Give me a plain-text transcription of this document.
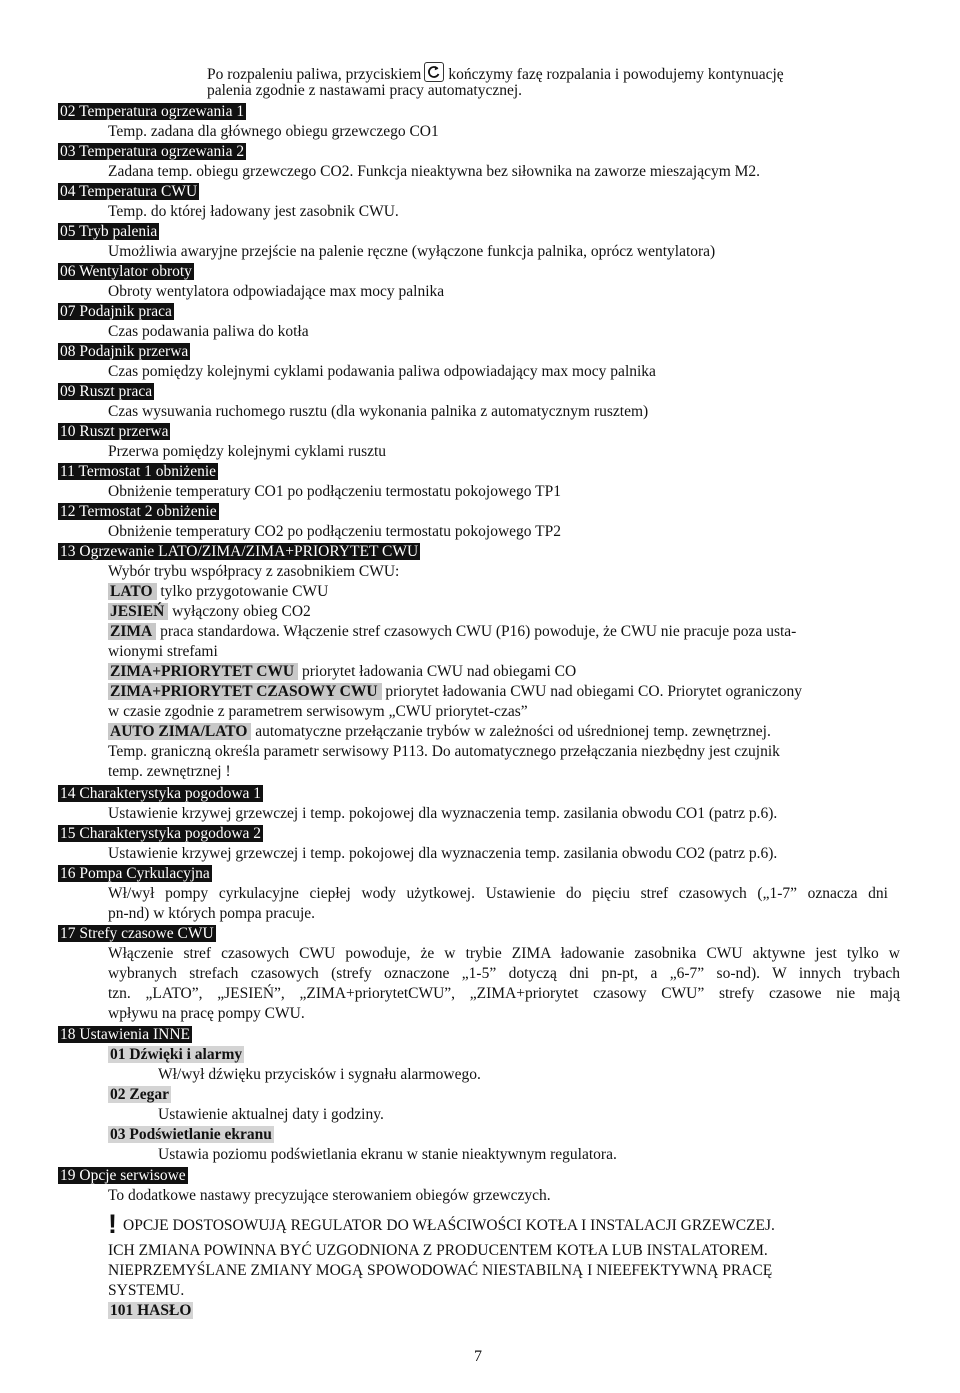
Po rozpaleniu paliwa, przyciskiem kończymy fazę rozpalania i powodujemy kontynuację
palenia zgodnie z nastawami pracy automatycznej.
02 Temperatura ogrzewania 1
Temp. zadana dla głównego obiegu grzewczego CO1
03 Temperatura ogrzewania 2
Zadana temp. obiegu grzewczego CO2. Funkcja nieaktywna bez siłownika na zaworze mieszającym M2.
04 Temperatura CWU
Temp. do której ładowany jest zasobnik CWU.
05 Tryb palenia
Umożliwia awaryjne przejście na palenie ręczne (wyłączone funkcja palnika, oprócz wentylatora)
06 Wentylator obroty
Obroty wentylatora odpowiadające max mocy palnika
07 Podajnik praca
Czas podawania paliwa do kotła
08 Podajnik przerwa
Czas pomiędzy kolejnymi cyklami podawania paliwa odpowiadający max mocy palnika
09 Ruszt praca
Czas wysuwania ruchomego rusztu (dla wykonania palnika z automatycznym rusztem)
10 Ruszt przerwa
Przerwa pomiędzy kolejnymi cyklami rusztu
11 Termostat 1 obniżenie
Obniżenie temperatury CO1 po podłączeniu termostatu pokojowego TP1
12 Termostat 2 obniżenie
Obniżenie temperatury CO2 po podłączeniu termostatu pokojowego TP2
13 Ogrzewanie LATO/ZIMA/ZIMA+PRIORYTET CWU
Wybór trybu współpracy z zasobnikiem CWU:
LATO tylko przygotowanie CWU
JESIEŃ wyłączony obieg CO2
ZIMA praca standardowa. Włączenie stref czasowych CWU (P16) powoduje, że CWU nie pracuje poza usta-
wionymi strefami
ZIMA+PRIORYTET CWU priorytet ładowania CWU nad obiegami CO
ZIMA+PRIORYTET CZASOWY CWU priorytet ładowania CWU nad obiegami CO. Priorytet ograniczony
w czasie zgodnie z parametrem serwisowym „CWU priorytet-czas”
AUTO ZIMA/LATO automatyczne przełączanie trybów w zależności od uśrednionej temp. zewnętrznej.
Temp. graniczną określa parametr serwisowy P113. Do automatycznego przełączania niezbędny jest czujnik
temp. zewnętrznej !
14 Charakterystyka pogodowa 1
Ustawienie krzywej grzewczej i temp. pokojowej dla wyznaczenia temp. zasilania obwodu CO1 (patrz p.6).
15 Charakterystyka pogodowa 2
Ustawienie krzywej grzewczej i temp. pokojowej dla wyznaczenia temp. zasilania obwodu CO2 (patrz p.6).
16 Pompa Cyrkulacyjna
Wł/wył pompy cyrkulacyjne ciepłej wody użytkowej. Ustawienie do pięciu stref czasowych („1-7” oznacza dni
pn-nd) w których pompa pracuje.
17 Strefy czasowe CWU
Włączenie stref czasowych CWU powoduje, że w trybie ZIMA ładowanie zasobnika CWU aktywne jest tylko w
wybranych strefach czasowych (strefy oznaczone „1-5” dotyczą dni pn-pt, a „6-7” so-nd). W innych trybach
tzn. „LATO”, „JESIEŃ”, „ZIMA+priorytetCWU”, „ZIMA+priorytet czasowy CWU” strefy czasowe nie mają
wpływu na pracę pompy CWU.
18 Ustawienia INNE
01 Dźwięki i alarmy
Wł/wył dźwięku przycisków i sygnału alarmowego.
02 Zegar
Ustawienie aktualnej daty i godziny.
03 Podświetlanie ekranu
Ustawia poziomu podświetlania ekranu w stanie nieaktywnym regulatora.
19 Opcje serwisowe
To dodatkowe nastawy precyzujące sterowaniem obiegów grzewczych.
! OPCJE DOSTOSOWUJĄ REGULATOR DO WŁAŚCIWOŚCI KOTŁA I INSTALACJI GRZEWCZEJ.
ICH ZMIANA POWINNA BYĆ UZGODNIONA Z PRODUCENTEM KOTŁA LUB INSTALATOREM.
NIEPRZEMYŚLANE ZMIANY MOGĄ SPOWODOWAĆ NIESTABILNĄ I NIEEFEKTYWNĄ PRACĘ
SYSTEMU.
101 HASŁO
7
